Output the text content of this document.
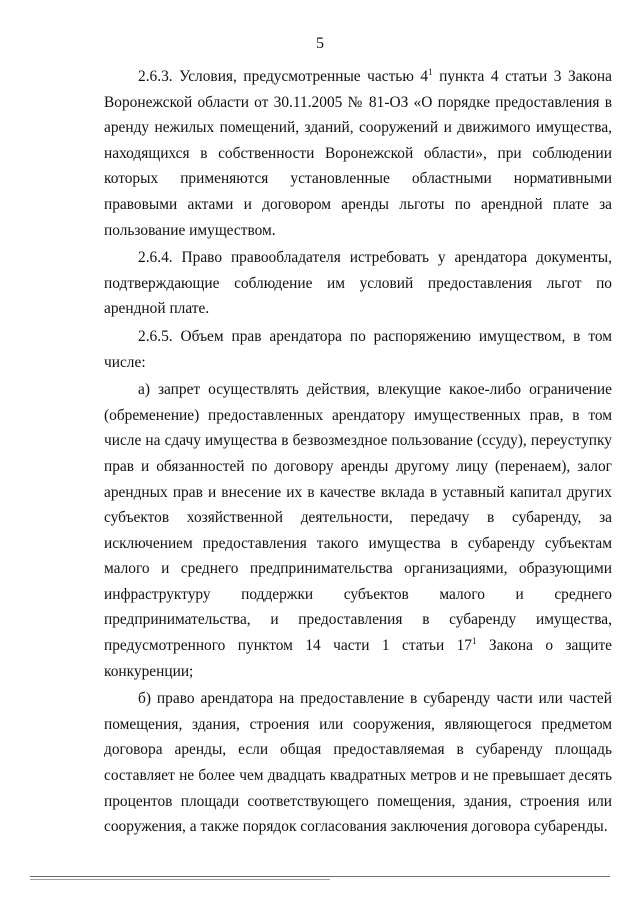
5

2.6.3. Условия, предусмотренные частью $4^1$ пункта 4 статьи 3 Закона Воронежской области от 30.11.2005 № 81-ОЗ «О порядке предоставления в аренду нежилых помещений, зданий, сооружений и движимого имущества, находящихся в собственности Воронежской области», при соблюдении которых применяются установленные областными нормативными правовыми актами и договором аренды льготы по арендной плате за пользование имуществом.

2.6.4. Право правообладателя истребовать у арендатора документы, подтверждающие соблюдение им условий предоставления льгот по арендной плате.

2.6.5. Объем прав арендатора по распоряжению имуществом, в том числе:

а) запрет осуществлять действия, влекущие какое-либо ограничение (обременение) предоставленных арендатору имущественных прав, в том числе на сдачу имущества в безвозмездное пользование (ссуду), переуступку прав и обязанностей по договору аренды другому лицу (перенаем), залог арендных прав и внесение их в качестве вклада в уставный капитал других субъектов хозяйственной деятельности, передачу в субаренду, за исключением предоставления такого имущества в субаренду субъектам малого и среднего предпринимательства организациями, образующими инфраструктуру поддержки субъектов малого и среднего предпринимательства, и предоставления в субаренду имущества, предусмотренного пунктом 14 части 1 статьи $17^1$ Закона о защите конкуренции;

б) право арендатора на предоставление в субаренду части или частей помещения, здания, строения или сооружения, являющегося предметом договора аренды, если общая предоставляемая в субаренду площадь составляет не более чем двадцать квадратных метров и не превышает десять процентов площади соответствующего помещения, здания, строения или сооружения, а также порядок согласования заключения договора субаренды.
